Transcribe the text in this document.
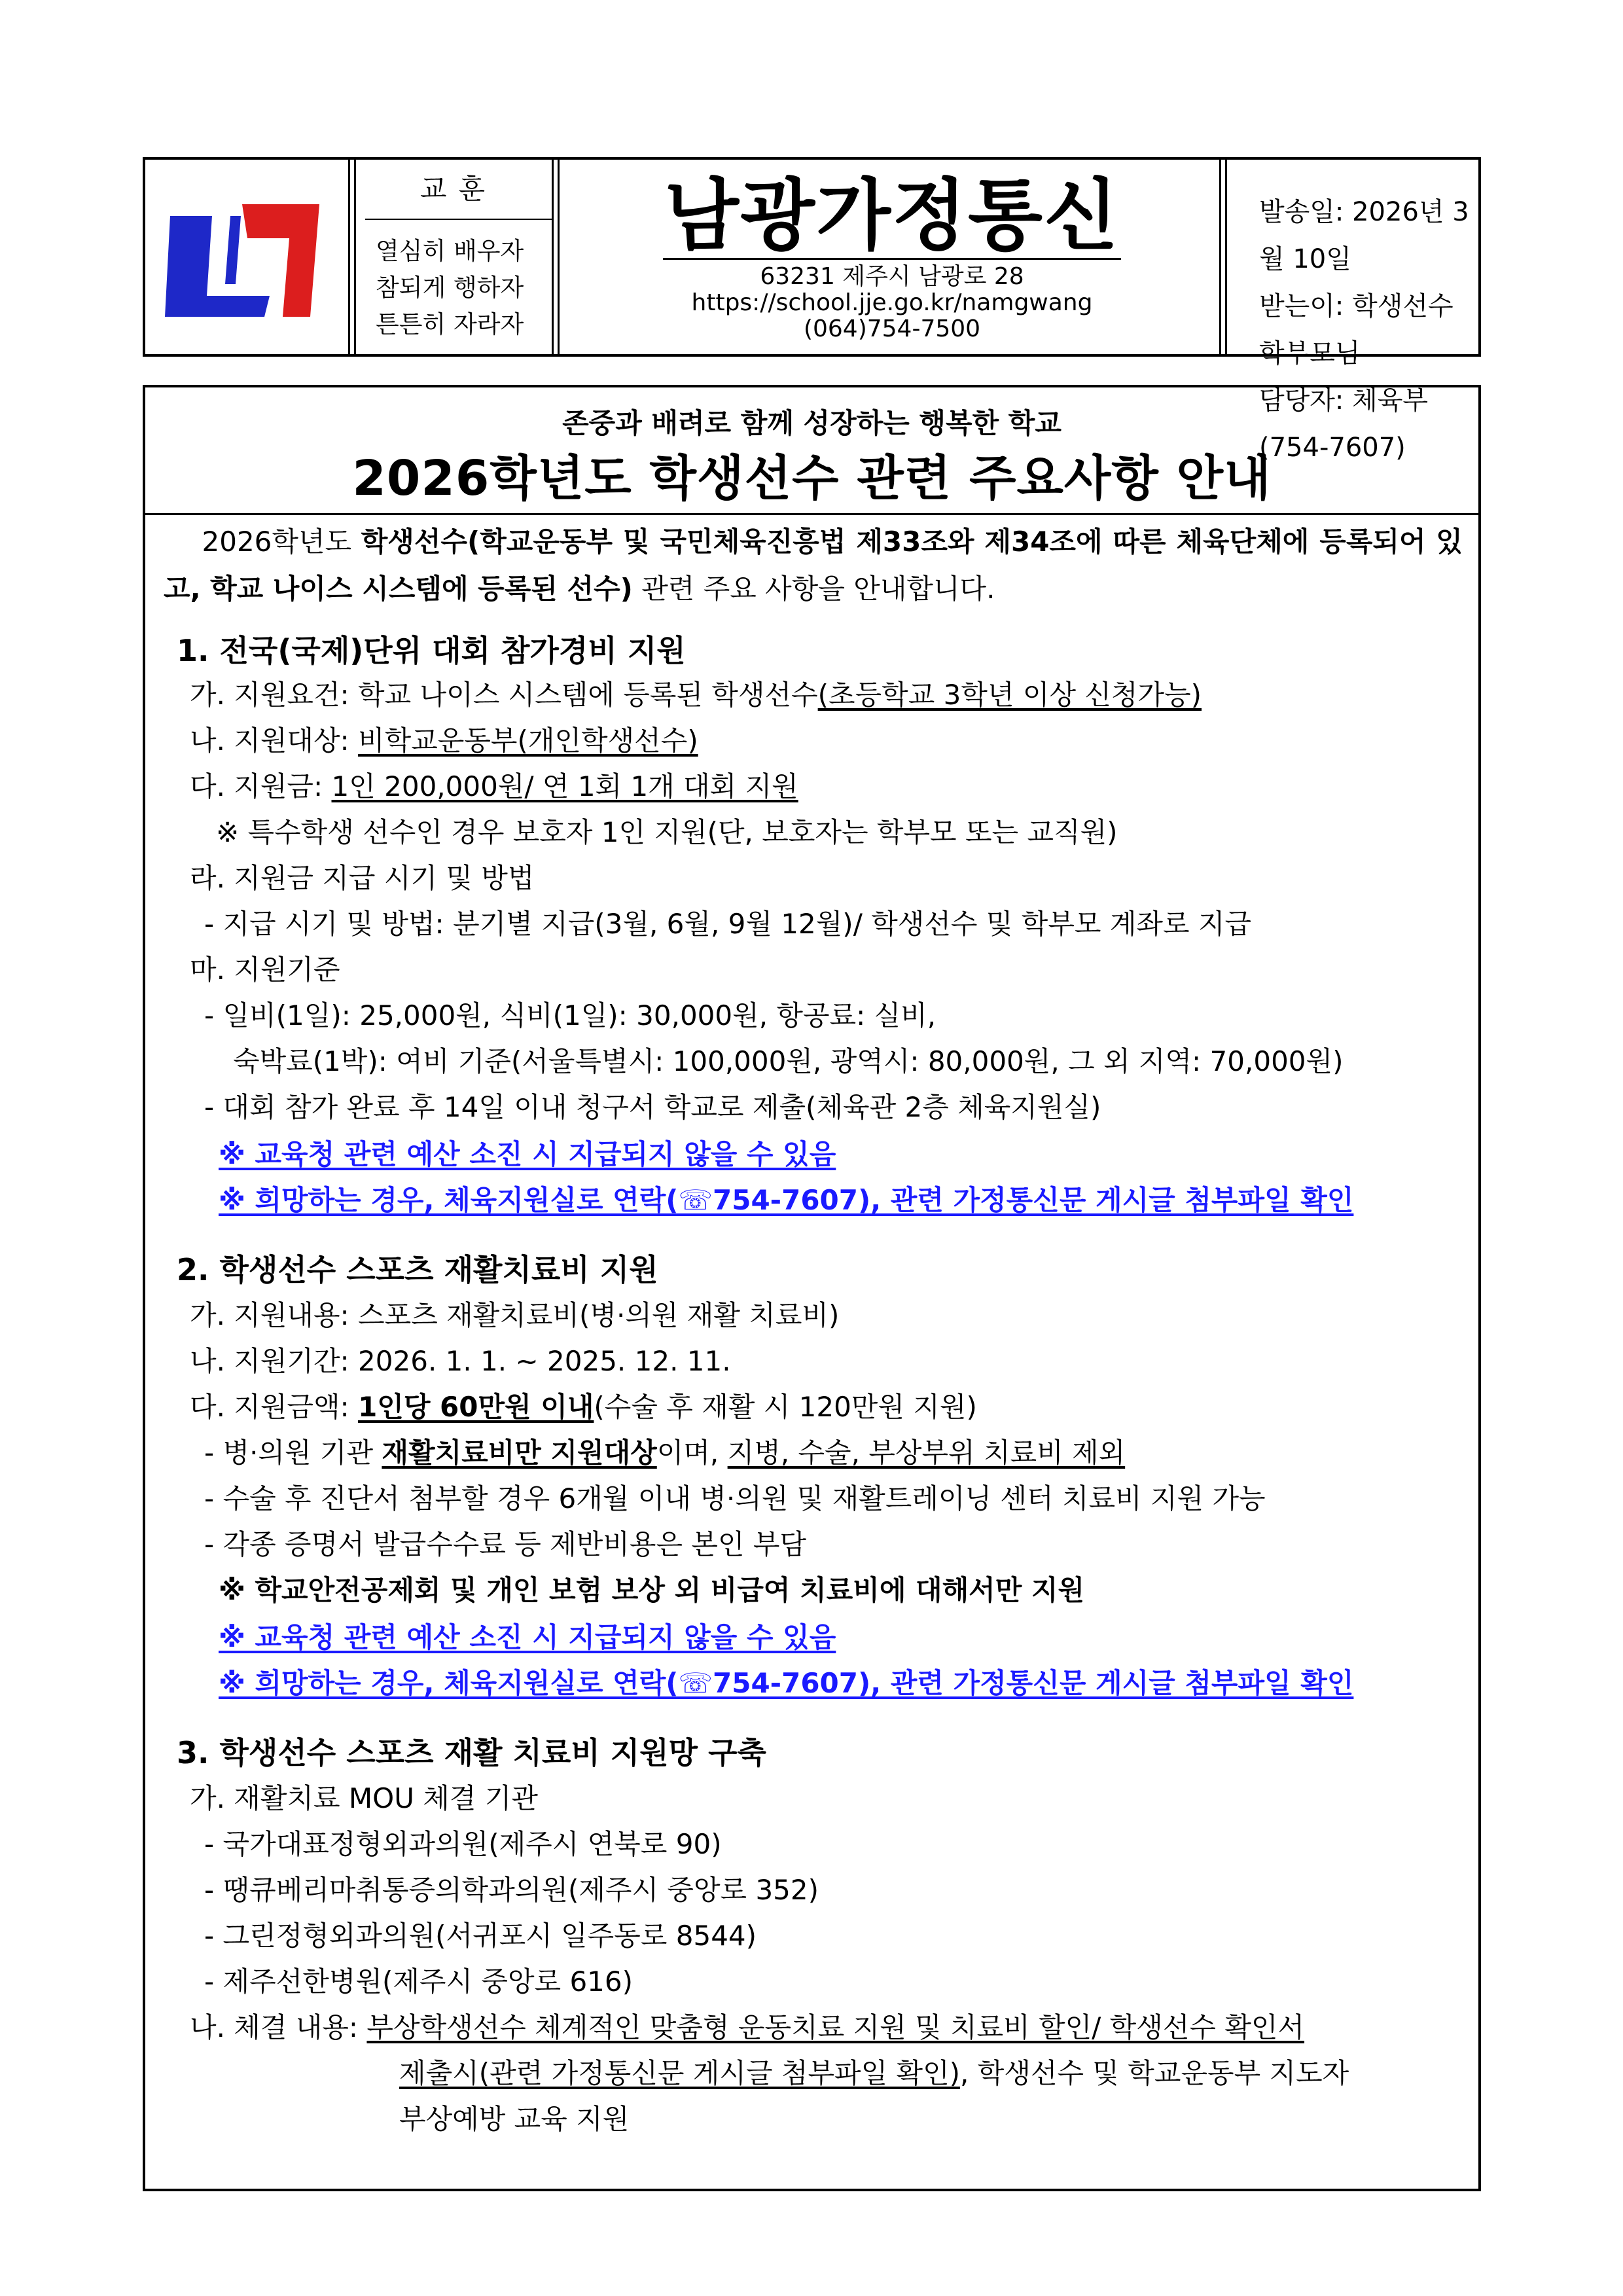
교훈
열심히 배우자
참되게 행하자
튼튼히 자라자
남광가정통신
63231 제주시 남광로 28
https://school.jje.go.kr/namgwang
(064)754-7500
발송일: 2026년 3월 10일
받는이: 학생선수 학부모님
담당자: 체육부(754-7607)
존중과 배려로 함께 성장하는 행복한 학교
2026학년도 학생선수 관련 주요사항 안내

2026학년도 학생선수(학교운동부 및 국민체육진흥법 제33조와 제34조에 따른 체육단체에 등록되어 있고, 학교 나이스 시스템에 등록된 선수) 관련 주요 사항을 안내합니다.

1. 전국(국제)단위 대회 참가경비 지원
가. 지원요건: 학교 나이스 시스템에 등록된 학생선수(초등학교 3학년 이상 신청가능)
나. 지원대상: 비학교운동부(개인학생선수)
다. 지원금: 1인 200,000원/ 연 1회 1개 대회 지원
※ 특수학생 선수인 경우 보호자 1인 지원(단, 보호자는 학부모 또는 교직원)
라. 지원금 지급 시기 및 방법
- 지급 시기 및 방법: 분기별 지급(3월, 6월, 9월 12월)/ 학생선수 및 학부모 계좌로 지급
마. 지원기준
- 일비(1일): 25,000원, 식비(1일): 30,000원, 항공료: 실비,
숙박료(1박): 여비 기준(서울특별시: 100,000원, 광역시: 80,000원, 그 외 지역: 70,000원)
- 대회 참가 완료 후 14일 이내 청구서 학교로 제출(체육관 2층 체육지원실)
※ 교육청 관련 예산 소진 시 지급되지 않을 수 있음
※ 희망하는 경우, 체육지원실로 연락(☏754-7607), 관련 가정통신문 게시글 첨부파일 확인
2. 학생선수 스포츠 재활치료비 지원
가. 지원내용: 스포츠 재활치료비(병·의원 재활 치료비)
나. 지원기간: 2026. 1. 1. ~ 2025. 12. 11.
다. 지원금액: 1인당 60만원 이내(수술 후 재활 시 120만원 지원)
- 병·의원 기관 재활치료비만 지원대상이며, 지병, 수술, 부상부위 치료비 제외
- 수술 후 진단서 첨부할 경우 6개월 이내 병·의원 및 재활트레이닝 센터 치료비 지원 가능
- 각종 증명서 발급수수료 등 제반비용은 본인 부담
※ 학교안전공제회 및 개인 보험 보상 외 비급여 치료비에 대해서만 지원
※ 교육청 관련 예산 소진 시 지급되지 않을 수 있음
※ 희망하는 경우, 체육지원실로 연락(☏754-7607), 관련 가정통신문 게시글 첨부파일 확인
3. 학생선수 스포츠 재활 치료비 지원망 구축
가. 재활치료 MOU 체결 기관
- 국가대표정형외과의원(제주시 연북로 90)
- 땡큐베리마취통증의학과의원(제주시 중앙로 352)
- 그린정형외과의원(서귀포시 일주동로 8544)
- 제주선한병원(제주시 중앙로 616)
나. 체결 내용: 부상학생선수 체계적인 맞춤형 운동치료 지원 및 치료비 할인/ 학생선수 확인서
제출시(관련 가정통신문 게시글 첨부파일 확인), 학생선수 및 학교운동부 지도자
부상예방 교육 지원
